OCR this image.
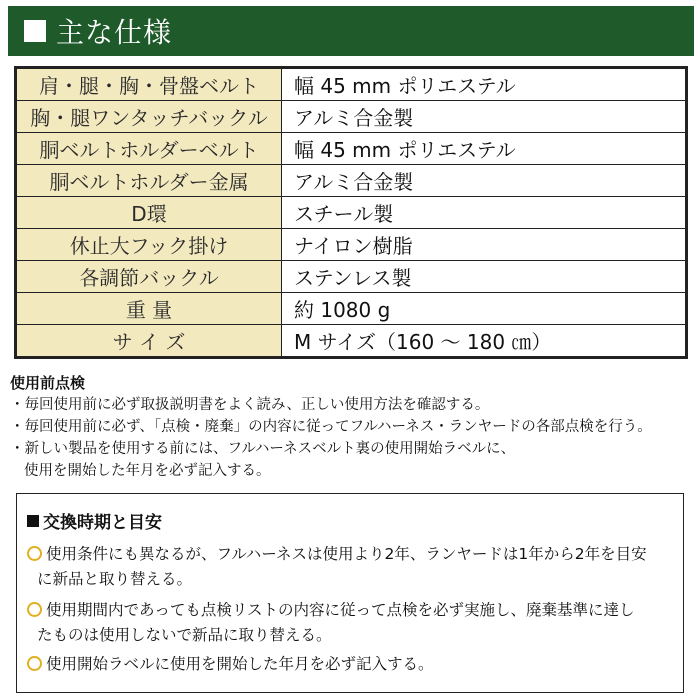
主な仕様
肩・腿・胸・骨盤ベルト	幅 45 mm ポリエステル
胸・腿ワンタッチバックル	アルミ合金製
胴ベルトホルダーベルト	幅 45 mm ポリエステル
胴ベルトホルダー金属	アルミ合金製
D環	スチール製
休止大フック掛け	ナイロン樹脂
各調節バックル	ステンレス製
重 量	約 1080 g
サ イ ズ	M サイズ（160 ～ 180 ㎝）
使用前点検
・毎回使用前に必ず取扱説明書をよく読み、正しい使用方法を確認する。
・毎回使用前に必ず、「点検・廃棄」の内容に従ってフルハーネス・ランヤードの各部点検を行う。
・新しい製品を使用する前には、フルハーネスベルト裏の使用開始ラベルに、
使用を開始した年月を必ず記入する。
交換時期と目安
使用条件にも異なるが、フルハーネスは使用より2年、ランヤードは1年から2年を目安
に新品と取り替える。
使用期間内であっても点検リストの内容に従って点検を必ず実施し、廃棄基準に達し
たものは使用しないで新品に取り替える。
使用開始ラベルに使用を開始した年月を必ず記入する。
